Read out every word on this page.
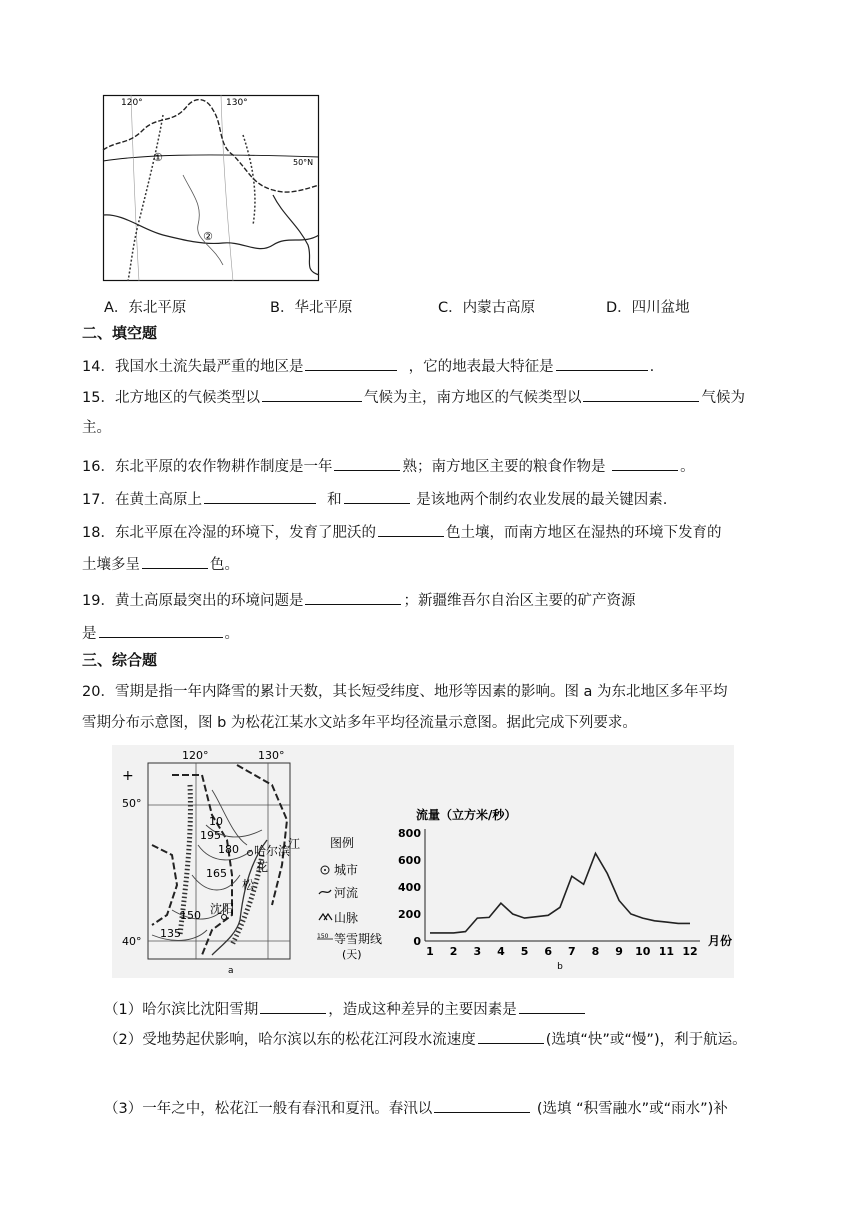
120°	130°
50°N
①
②
A．东北平原	B．华北平原	C．内蒙古高原	D．四川盆地
二、填空题
14．我国水土流失最严重的地区是	，它的地表最大特征是	.
15．北方地区的气候类型以	气候为主，南方地区的气候类型以	气候为
主。
16．东北平原的农作物耕作制度是一年	熟；南方地区主要的粮食作物是	。
17．在黄土高原上	和	是该地两个制约农业发展的最关键因素.
18．东北平原在冷湿的环境下，发育了肥沃的	色土壤，而南方地区在湿热的环境下发育的
土壤多呈	色。
19．黄土高原最突出的环境问题是	；新疆维吾尔自治区主要的矿产资源
是	。
三、综合题
20．雪期是指一年内降雪的累计天数，其长短受纬度、地形等因素的影响。图 a 为东北地区多年平均
雪期分布示意图，图 b 为松花江某水文站多年平均径流量示意图。据此完成下列要求。
+
120°	130°
50°
40°
10
195
180
165
150
135
哈尔滨
沈阳
江
花
松
a
图例
城市
河流
山脉
150 等雪期线
(天)
流量（立方米/秒）
月份
0
200
400
600
800
1 2 3 4 5 6 7 8 9 10 11 12
b
（1）哈尔滨比沈阳雪期	，造成这种差异的主要因素是
（2）受地势起伏影响，哈尔滨以东的松花江河段水流速度	(选填“快”或“慢”)，利于航运。
（3）一年之中，松花江一般有春汛和夏汛。春汛以	(选填 “积雪融水”或“雨水”)补
